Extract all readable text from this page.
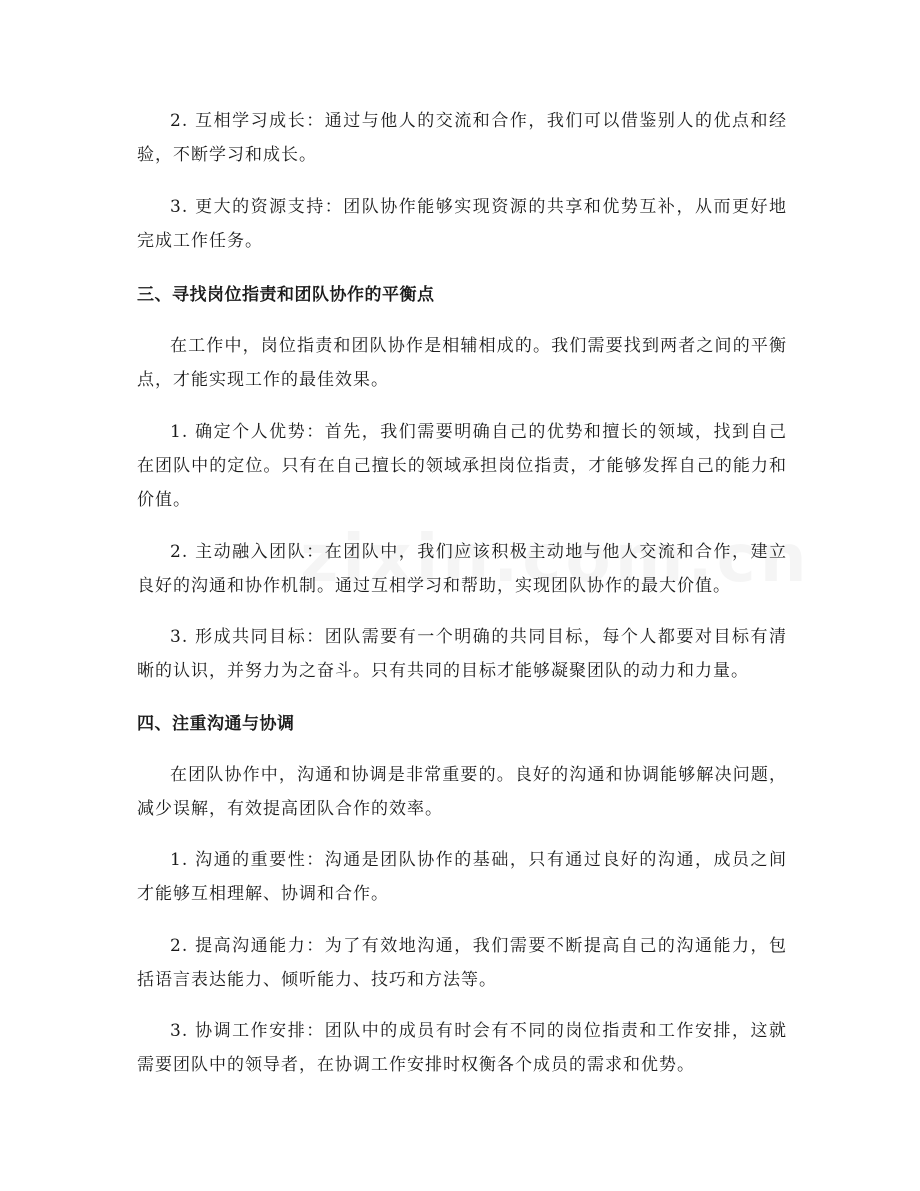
2. 互相学习成长：通过与他人的交流和合作，我们可以借鉴别人的优点和经验，不断学习和成长。

3. 更大的资源支持：团队协作能够实现资源的共享和优势互补，从而更好地完成工作任务。

三、寻找岗位指责和团队协作的平衡点

在工作中，岗位指责和团队协作是相辅相成的。我们需要找到两者之间的平衡点，才能实现工作的最佳效果。

1. 确定个人优势：首先，我们需要明确自己的优势和擅长的领域，找到自己在团队中的定位。只有在自己擅长的领域承担岗位指责，才能够发挥自己的能力和价值。

2. 主动融入团队：在团队中，我们应该积极主动地与他人交流和合作，建立良好的沟通和协作机制。通过互相学习和帮助，实现团队协作的最大价值。

3. 形成共同目标：团队需要有一个明确的共同目标，每个人都要对目标有清晰的认识，并努力为之奋斗。只有共同的目标才能够凝聚团队的动力和力量。

四、注重沟通与协调

在团队协作中，沟通和协调是非常重要的。良好的沟通和协调能够解决问题，减少误解，有效提高团队合作的效率。

1. 沟通的重要性：沟通是团队协作的基础，只有通过良好的沟通，成员之间才能够互相理解、协调和合作。

2. 提高沟通能力：为了有效地沟通，我们需要不断提高自己的沟通能力，包括语言表达能力、倾听能力、技巧和方法等。

3. 协调工作安排：团队中的成员有时会有不同的岗位指责和工作安排，这就需要团队中的领导者，在协调工作安排时权衡各个成员的需求和优势。
